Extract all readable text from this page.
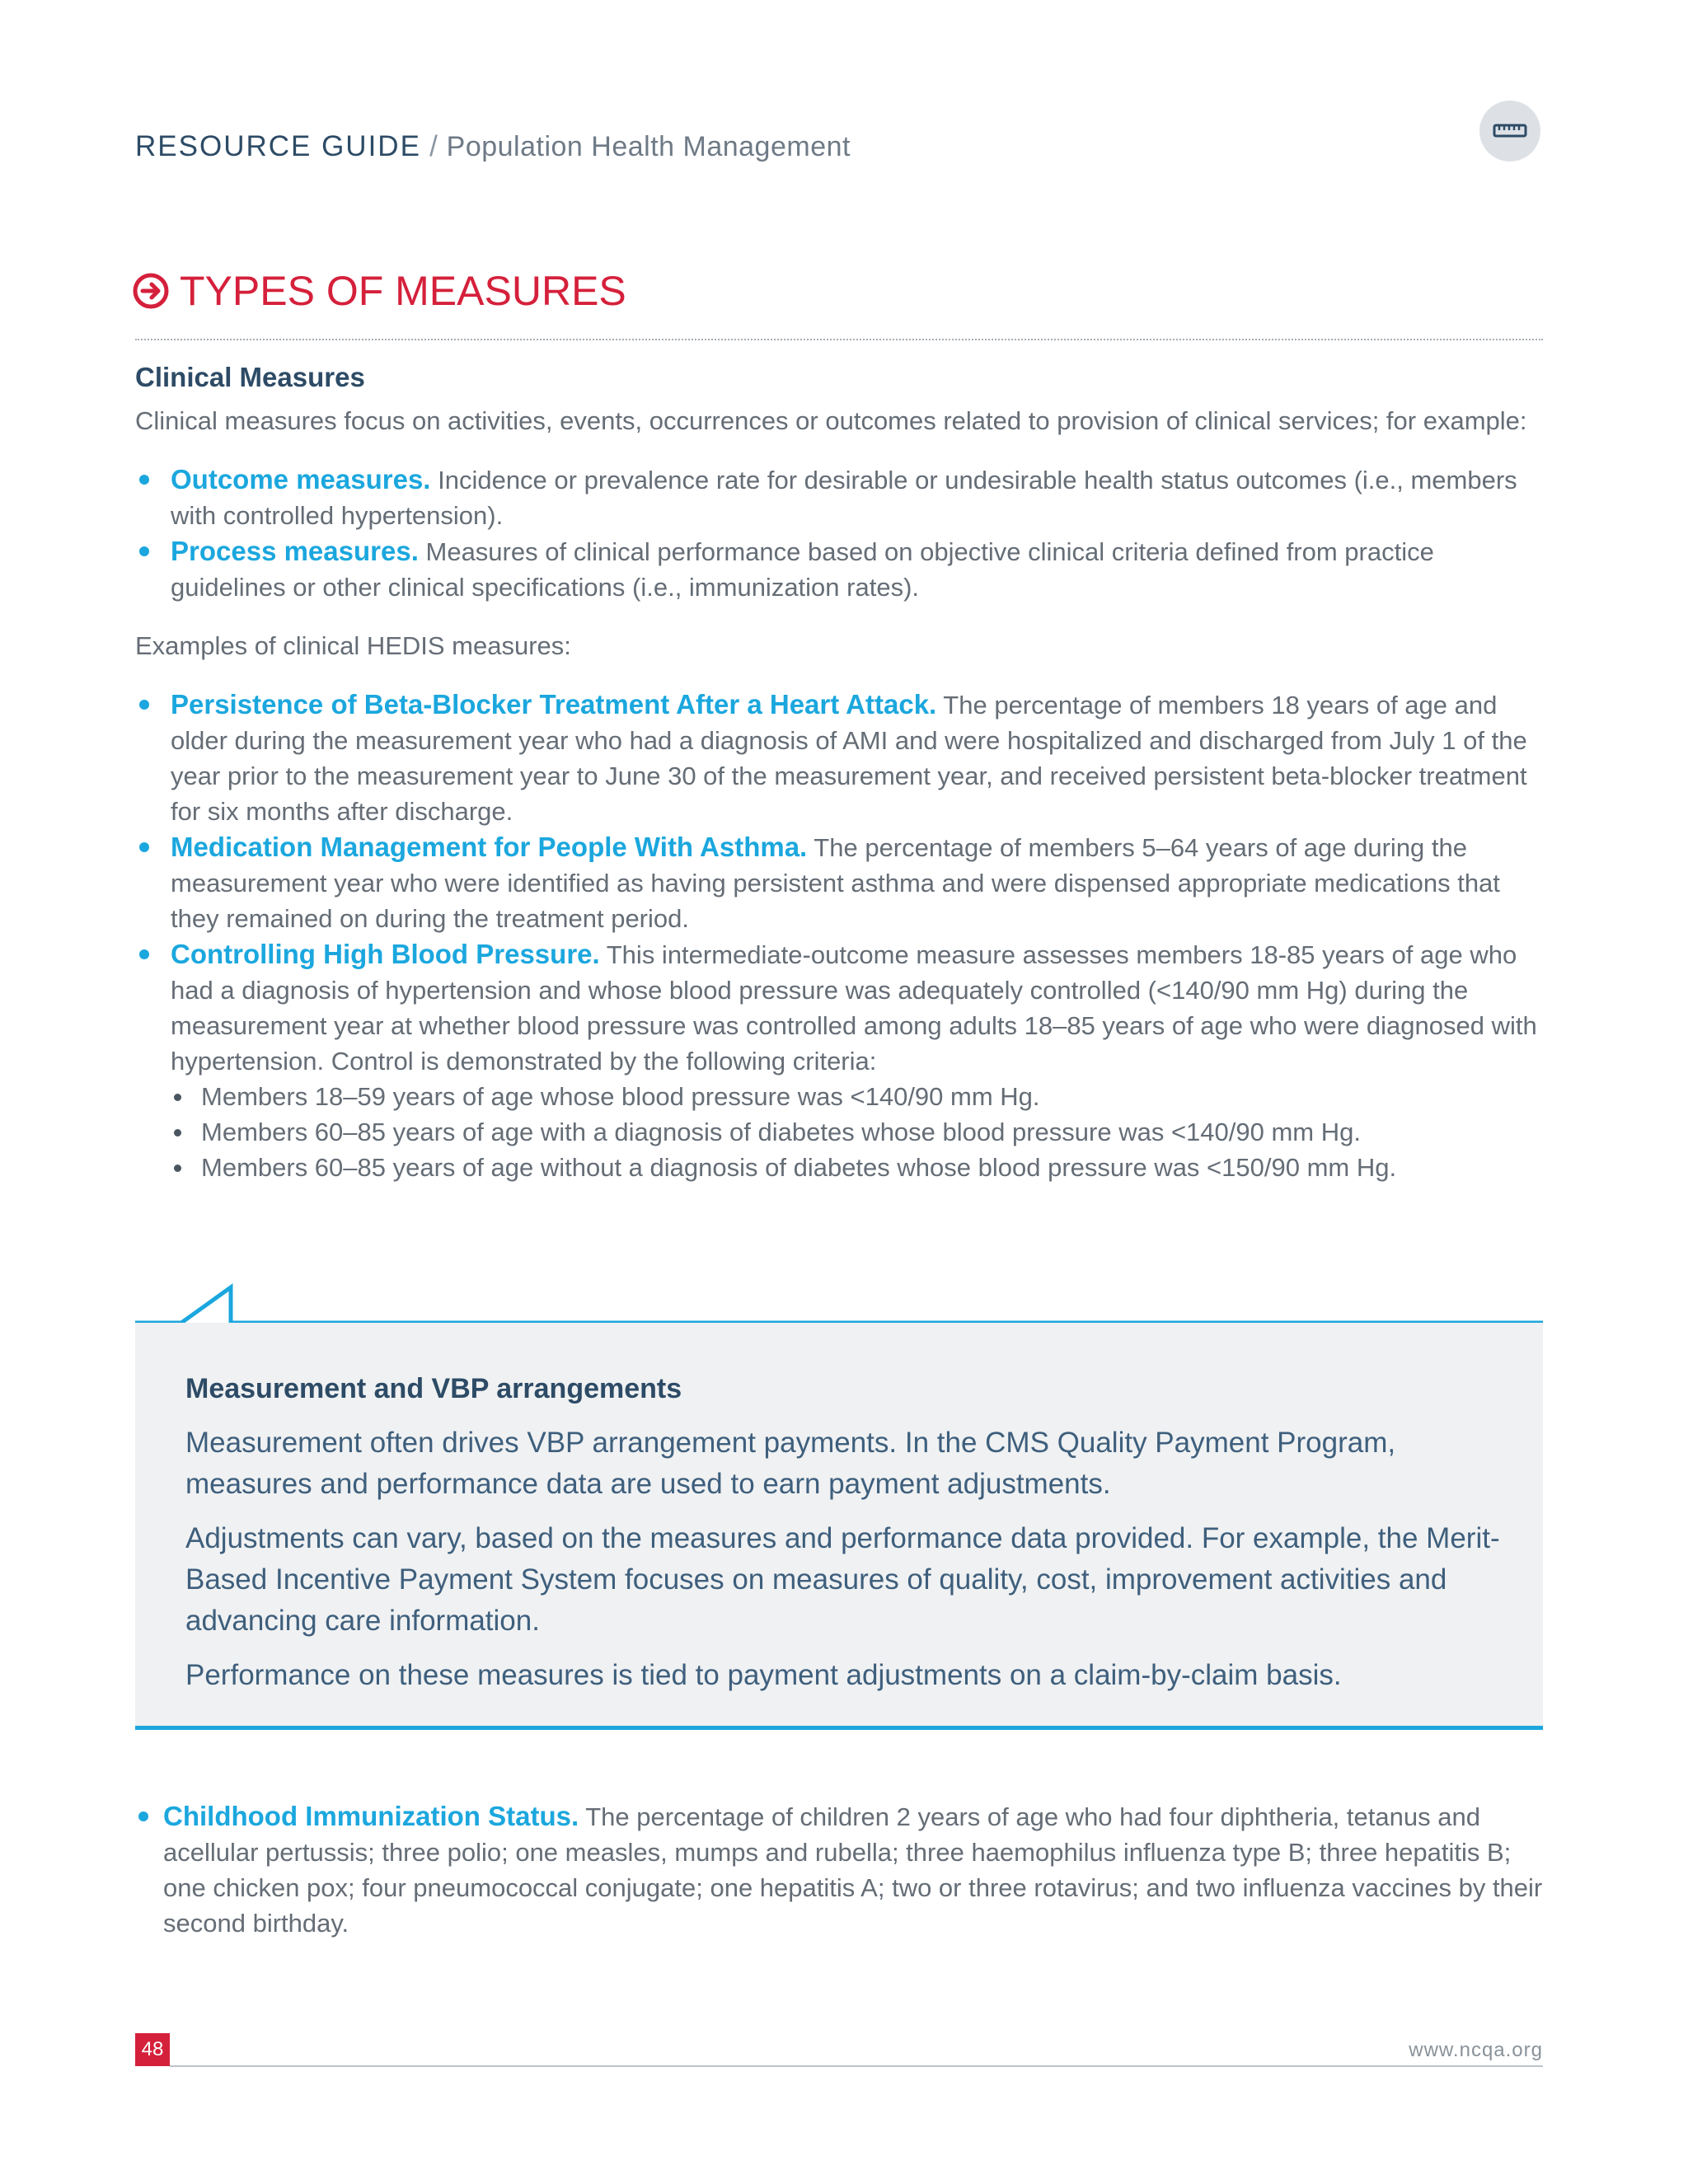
RESOURCE GUIDE / Population Health Management
TYPES OF MEASURES
Clinical Measures

Clinical measures focus on activities, events, occurrences or outcomes related to provision of clinical services; for example:

Outcome measures. Incidence or prevalence rate for desirable or undesirable health status outcomes (i.e., members with controlled hypertension).
Process measures. Measures of clinical performance based on objective clinical criteria defined from practice guidelines or other clinical specifications (i.e., immunization rates).

Examples of clinical HEDIS measures:

Persistence of Beta-Blocker Treatment After a Heart Attack. The percentage of members 18 years of age and older during the measurement year who had a diagnosis of AMI and were hospitalized and discharged from July 1 of the year prior to the measurement year to June 30 of the measurement year, and received persistent beta-blocker treatment for six months after discharge.
Medication Management for People With Asthma. The percentage of members 5–64 years of age during the measurement year who were identified as having persistent asthma and were dispensed appropriate medications that they remained on during the treatment period.
Controlling High Blood Pressure. This intermediate-outcome measure assesses members 18-85 years of age who had a diagnosis of hypertension and whose blood pressure was adequately controlled (<140/90 mm Hg) during the measurement year at whether blood pressure was controlled among adults 18–85 years of age who were diagnosed with hypertension. Control is demonstrated by the following criteria:
Members 18–59 years of age whose blood pressure was <140/90 mm Hg.
Members 60–85 years of age with a diagnosis of diabetes whose blood pressure was <140/90 mm Hg.
Members 60–85 years of age without a diagnosis of diabetes whose blood pressure was <150/90 mm Hg.
Measurement and VBP arrangements

Measurement often drives VBP arrangement payments. In the CMS Quality Payment Program, measures and performance data are used to earn payment adjustments.

Adjustments can vary, based on the measures and performance data provided. For example, the Merit-Based Incentive Payment System focuses on measures of quality, cost, improvement activities and advancing care information.

Performance on these measures is tied to payment adjustments on a claim-by-claim basis.

Childhood Immunization Status. The percentage of children 2 years of age who had four diphtheria, tetanus and acellular pertussis; three polio; one measles, mumps and rubella; three haemophilus influenza type B; three hepatitis B; one chicken pox; four pneumococcal conjugate; one hepatitis A; two or three rotavirus; and two influenza vaccines by their second birthday.
48	www.ncqa.org
